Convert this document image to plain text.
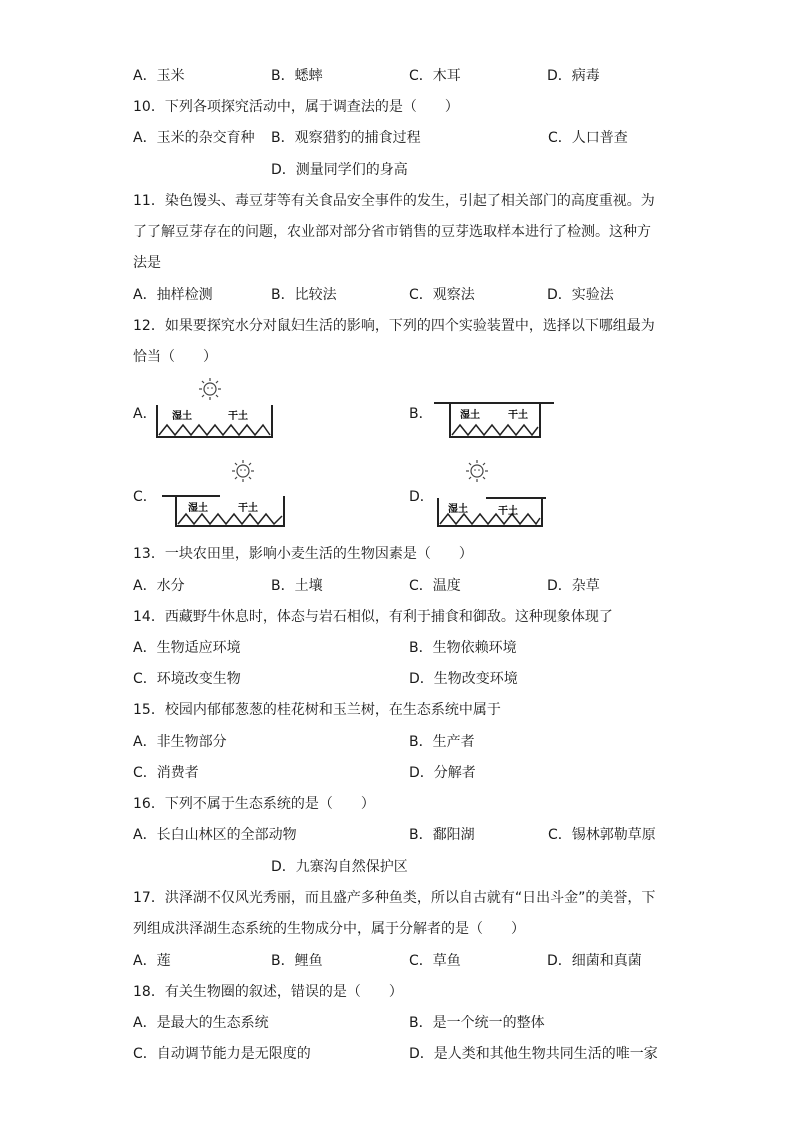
A．玉米	B．蟋蟀	C．木耳	D．病毒
10．下列各项探究活动中，属于调查法的是（　　）
A．玉米的杂交育种 B．观察猎豹的捕食过程	C．人口普查
D．测量同学们的身高
11．染色馒头、毒豆芽等有关食品安全事件的发生，引起了相关部门的高度重视。为了了解豆芽存在的问题，农业部对部分省市销售的豆芽选取样本进行了检测。这种方法是
A．抽样检测	B．比较法	C．观察法	D．实验法
12．如果要探究水分对鼠妇生活的影响，下列的四个实验装置中，选择以下哪组最为
恰当（　　）
A． 湿土	干土	B．	湿土	干土
C．
湿土	干土
D．
湿土	干土
13．一块农田里，影响小麦生活的生物因素是（　　）
A．水分	B．土壤	C．温度	D．杂草
14．西藏野牛休息时，体态与岩石相似，有利于捕食和御敌。这种现象体现了
A．生物适应环境	B．生物依赖环境
C．环境改变生物	D．生物改变环境
15．校园内郁郁葱葱的桂花树和玉兰树，在生态系统中属于
A．非生物部分	B．生产者
C．消费者	D．分解者
16．下列不属于生态系统的是（　　）
A．长白山林区的全部动物	B．鄱阳湖	C．锡林郭勒草原
D．九寨沟自然保护区
17．洪泽湖不仅风光秀丽，而且盛产多种鱼类，所以自古就有“日出斗金”的美誉，下列组成洪泽湖生态系统的生物成分中，属于分解者的是（　　）
A．莲	B．鲤鱼	C．草鱼	D．细菌和真菌
18．有关生物圈的叙述，错误的是（　　）
A．是最大的生态系统	B．是一个统一的整体
C．自动调节能力是无限度的	D．是人类和其他生物共同生活的唯一家
